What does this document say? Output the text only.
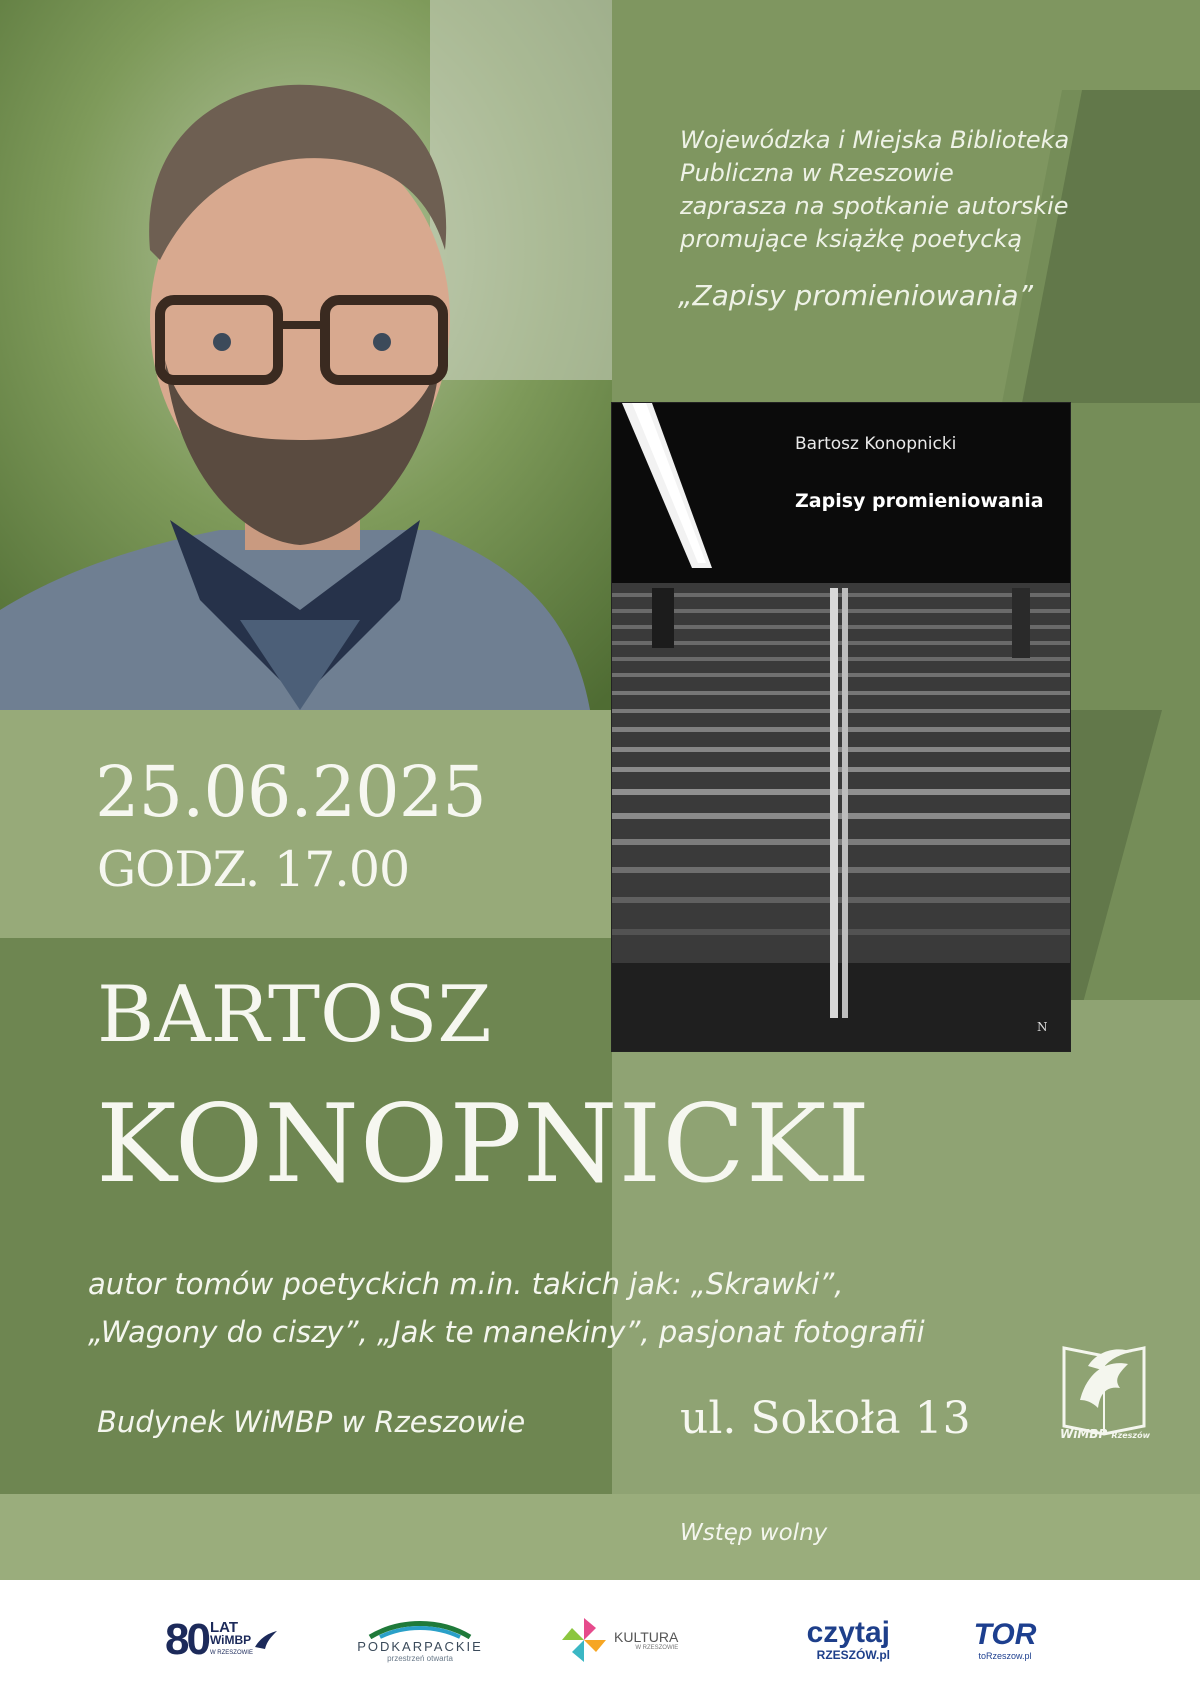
Wojewódzka i Miejska Biblioteka
Publiczna w Rzeszowie
zaprasza na spotkanie autorskie
promujące książkę poetycką
„Zapisy promieniowania”
N
Bartosz Konopnicki
Zapisy promieniowania
25.06.2025
GODZ. 17.00
BARTOSZ
KONOPNICKI
autor tomów poetyckich m.in. takich jak: „Skrawki”,
„Wagony do ciszy”, „Jak te manekiny”, pasjonat fotografii
Budynek WiMBP w Rzeszowie	ul. Sokoła 13	WiMBP Rzeszów
Wstęp wolny
80 LAT
WiMBP
W RZESZOWIE	PODKARPACKIE
przestrzeń otwarta
KULTURA
W RZESZOWIE	czytaj
RZESZÓW.pl
TOR
toRzeszow.pl
